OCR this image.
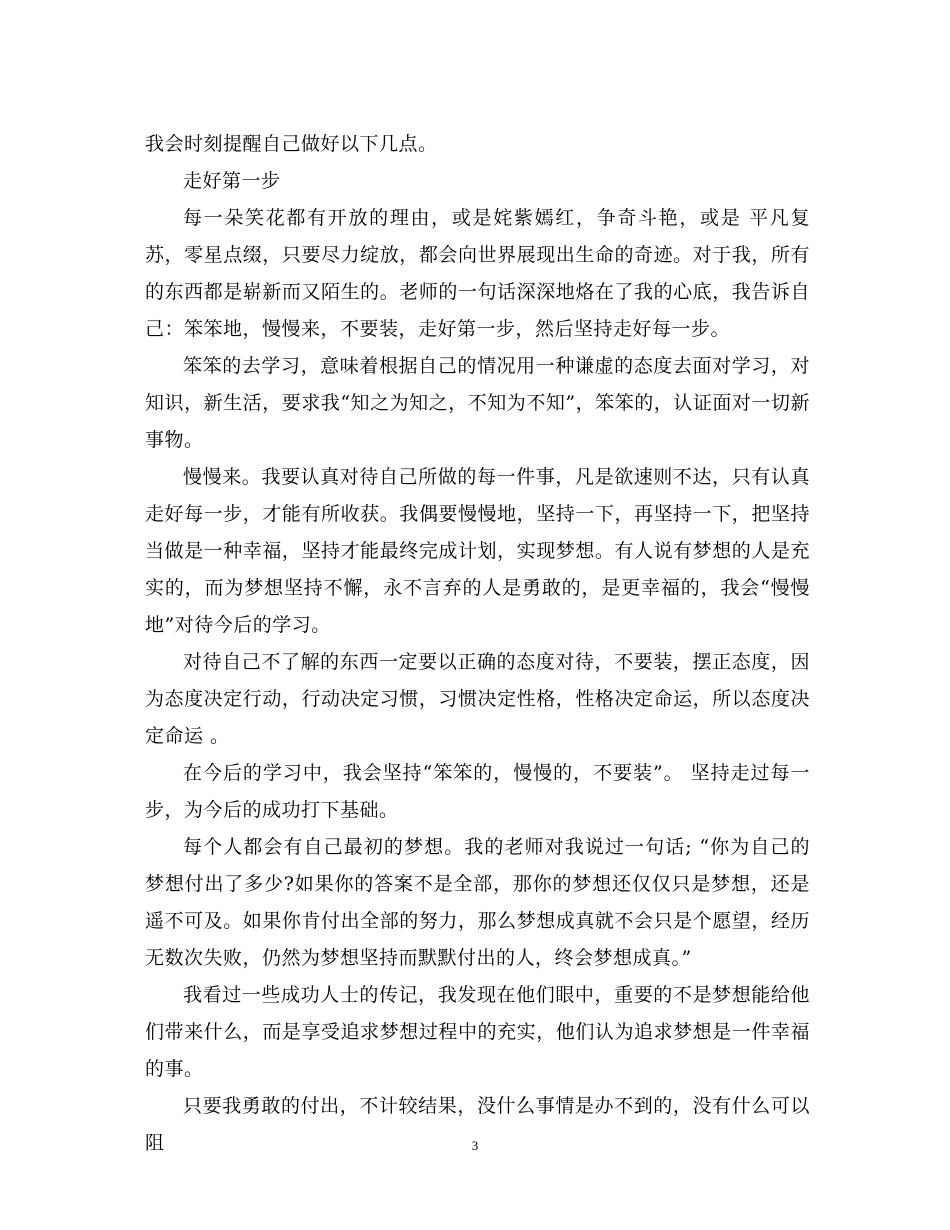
我会时刻提醒自己做好以下几点。

走好第一步

每一朵笑花都有开放的理由，或是姹紫嫣红，争奇斗艳，或是 平凡复苏，零星点缀，只要尽力绽放，都会向世界展现出生命的奇迹。对于我，所有的东西都是崭新而又陌生的。老师的一句话深深地烙在了我的心底，我告诉自己：笨笨地，慢慢来，不要装，走好第一步，然后坚持走好每一步。

笨笨的去学习，意味着根据自己的情况用一种谦虚的态度去面对学习，对知识，新生活，要求我“知之为知之，不知为不知”，笨笨的，认证面对一切新事物。

慢慢来。我要认真对待自己所做的每一件事，凡是欲速则不达，只有认真走好每一步，才能有所收获。我偶要慢慢地，坚持一下，再坚持一下，把坚持当做是一种幸福，坚持才能最终完成计划，实现梦想。有人说有梦想的人是充实的，而为梦想坚持不懈，永不言弃的人是勇敢的，是更幸福的，我会“慢慢地”对待今后的学习。

对待自己不了解的东西一定要以正确的态度对待，不要装，摆正态度，因为态度决定行动，行动决定习惯，习惯决定性格，性格决定命运，所以态度决定命运 。

在今后的学习中，我会坚持“笨笨的，慢慢的，不要装”。 坚持走过每一步，为今后的成功打下基础。

每个人都会有自己最初的梦想。我的老师对我说过一句话; “你为自己的梦想付出了多少?如果你的答案不是全部，那你的梦想还仅仅只是梦想，还是遥不可及。如果你肯付出全部的努力，那么梦想成真就不会只是个愿望，经历无数次失败，仍然为梦想坚持而默默付出的人，终会梦想成真。”

我看过一些成功人士的传记，我发现在他们眼中，重要的不是梦想能给他们带来什么，而是享受追求梦想过程中的充实，他们认为追求梦想是一件幸福的事。

只要我勇敢的付出，不计较结果，没什么事情是办不到的，没有什么可以阻	3
